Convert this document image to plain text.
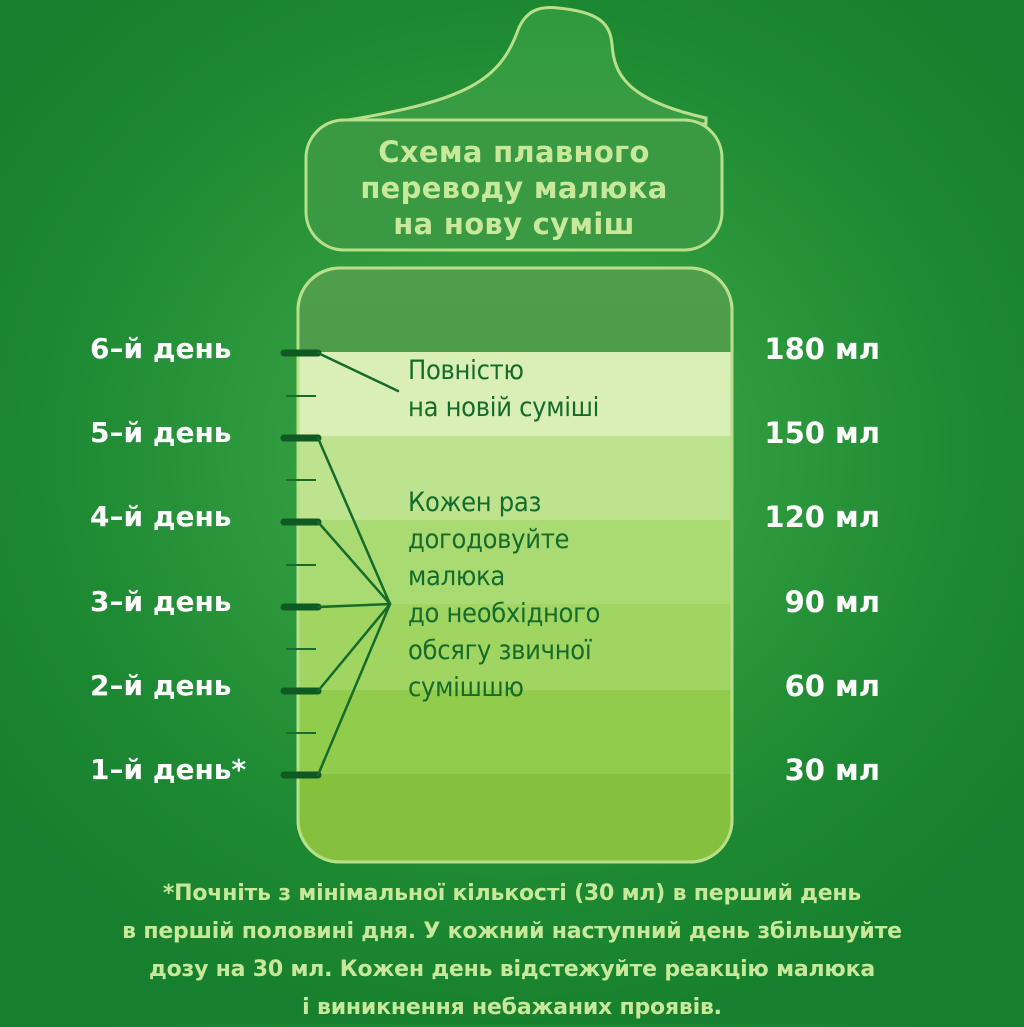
Схема плавного
переводу малюка
на нову суміш
6–й день
5–й день
4–й день
3–й день
2–й день
1–й день*
180 мл
150 мл
120 мл
90 мл
60 мл
30 мл
Повністю
на новій суміші
Кожен раз
догодовуйте
малюка
до необхідного
обсягу звичної
сумішшю
*Почніть з мінімальної кількості (30 мл) в перший день
в першій половині дня. У кожний наступний день збільшуйте
дозу на 30 мл. Кожен день відстежуйте реакцію малюка
і виникнення небажаних проявів.
